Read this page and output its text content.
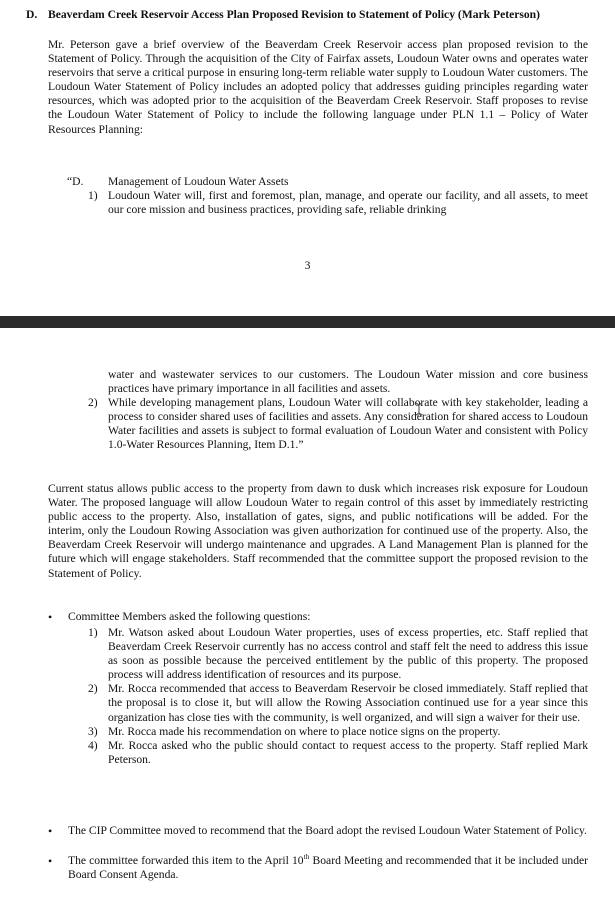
D. Beaverdam Creek Reservoir Access Plan Proposed Revision to Statement of Policy (Mark Peterson)
Mr. Peterson gave a brief overview of the Beaverdam Creek Reservoir access plan proposed revision to the Statement of Policy. Through the acquisition of the City of Fairfax assets, Loudoun Water owns and operates water reservoirs that serve a critical purpose in ensuring long-term reliable water supply to Loudoun Water customers. The Loudoun Water Statement of Policy includes an adopted policy that addresses guiding principles regarding water resources, which was adopted prior to the acquisition of the Beaverdam Creek Reservoir. Staff proposes to revise the Loudoun Water Statement of Policy to include the following language under PLN 1.1 – Policy of Water Resources Planning:
“D. Management of Loudoun Water Assets
1) Loudoun Water will, first and foremost, plan, manage, and operate our facility, and all assets, to meet our core mission and business practices, providing safe, reliable drinking
3
water and wastewater services to our customers. The Loudoun Water mission and core business practices have primary importance in all facilities and assets.
2) While developing management plans, Loudoun Water will collaborate with key stakeholder, leading a process to consider shared uses of facilities and assets. Any consideration for shared access to Loudoun Water facilities and assets is subject to formal evaluation of Loudoun Water and consistent with Policy 1.0-Water Resources Planning, Item D.1.”
Current status allows public access to the property from dawn to dusk which increases risk exposure for Loudoun Water. The proposed language will allow Loudoun Water to regain control of this asset by immediately restricting public access to the property. Also, installation of gates, signs, and public notifications will be added. For the interim, only the Loudoun Rowing Association was given authorization for continued use of the property. Also, the Beaverdam Creek Reservoir will undergo maintenance and upgrades. A Land Management Plan is planned for the future which will engage stakeholders. Staff recommended that the committee support the proposed revision to the Statement of Policy.
• Committee Members asked the following questions:
1) Mr. Watson asked about Loudoun Water properties, uses of excess properties, etc. Staff replied that Beaverdam Creek Reservoir currently has no access control and staff felt the need to address this issue as soon as possible because the perceived entitlement by the public of this property. The proposed process will address identification of resources and its purpose.
2) Mr. Rocca recommended that access to Beaverdam Reservoir be closed immediately. Staff replied that the proposal is to close it, but will allow the Rowing Association continued use for a year since this organization has close ties with the community, is well organized, and will sign a waiver for their use.
3) Mr. Rocca made his recommendation on where to place notice signs on the property.
4) Mr. Rocca asked who the public should contact to request access to the property. Staff replied Mark Peterson.
• The CIP Committee moved to recommend that the Board adopt the revised Loudoun Water Statement of Policy.
• The committee forwarded this item to the April 10th Board Meeting and recommended that it be included under Board Consent Agenda.
